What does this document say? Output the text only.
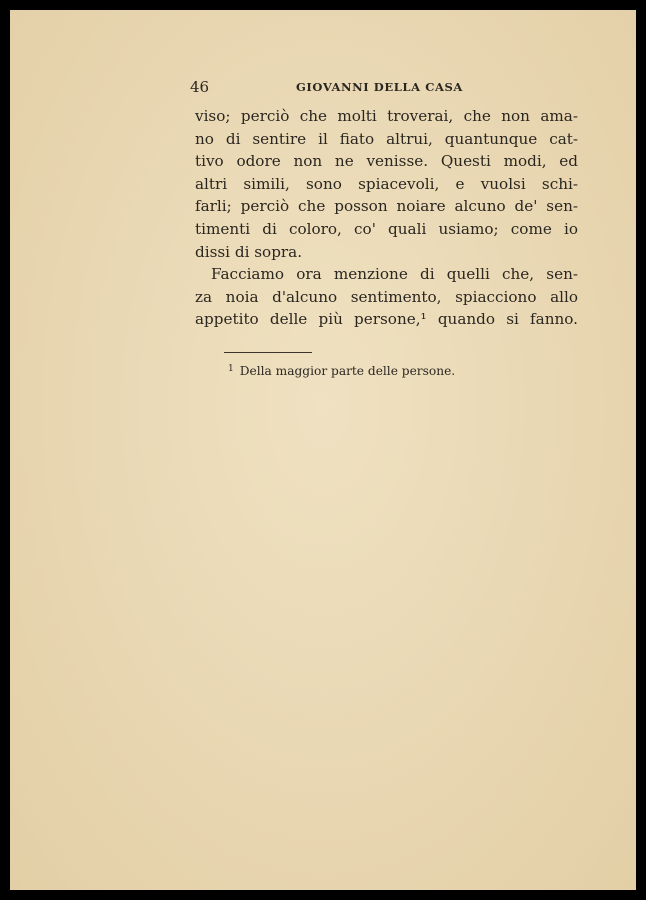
46	GIOVANNI DELLA CASA
viso; perciò che molti troverai, che non ama-
no di sentire il fiato altrui, quantunque cat-
tivo odore non ne venisse. Questi modi, ed
altri simili, sono spiacevoli, e vuolsi schi-
farli; perciò che posson noiare alcuno de' sen-
timenti di coloro, co' quali usiamo; come io
dissi di sopra.
Facciamo ora menzione di quelli che, sen-
za noia d'alcuno sentimento, spiacciono allo
appetito delle più persone,¹ quando si fanno.
$^1$ Della maggior parte delle persone.
